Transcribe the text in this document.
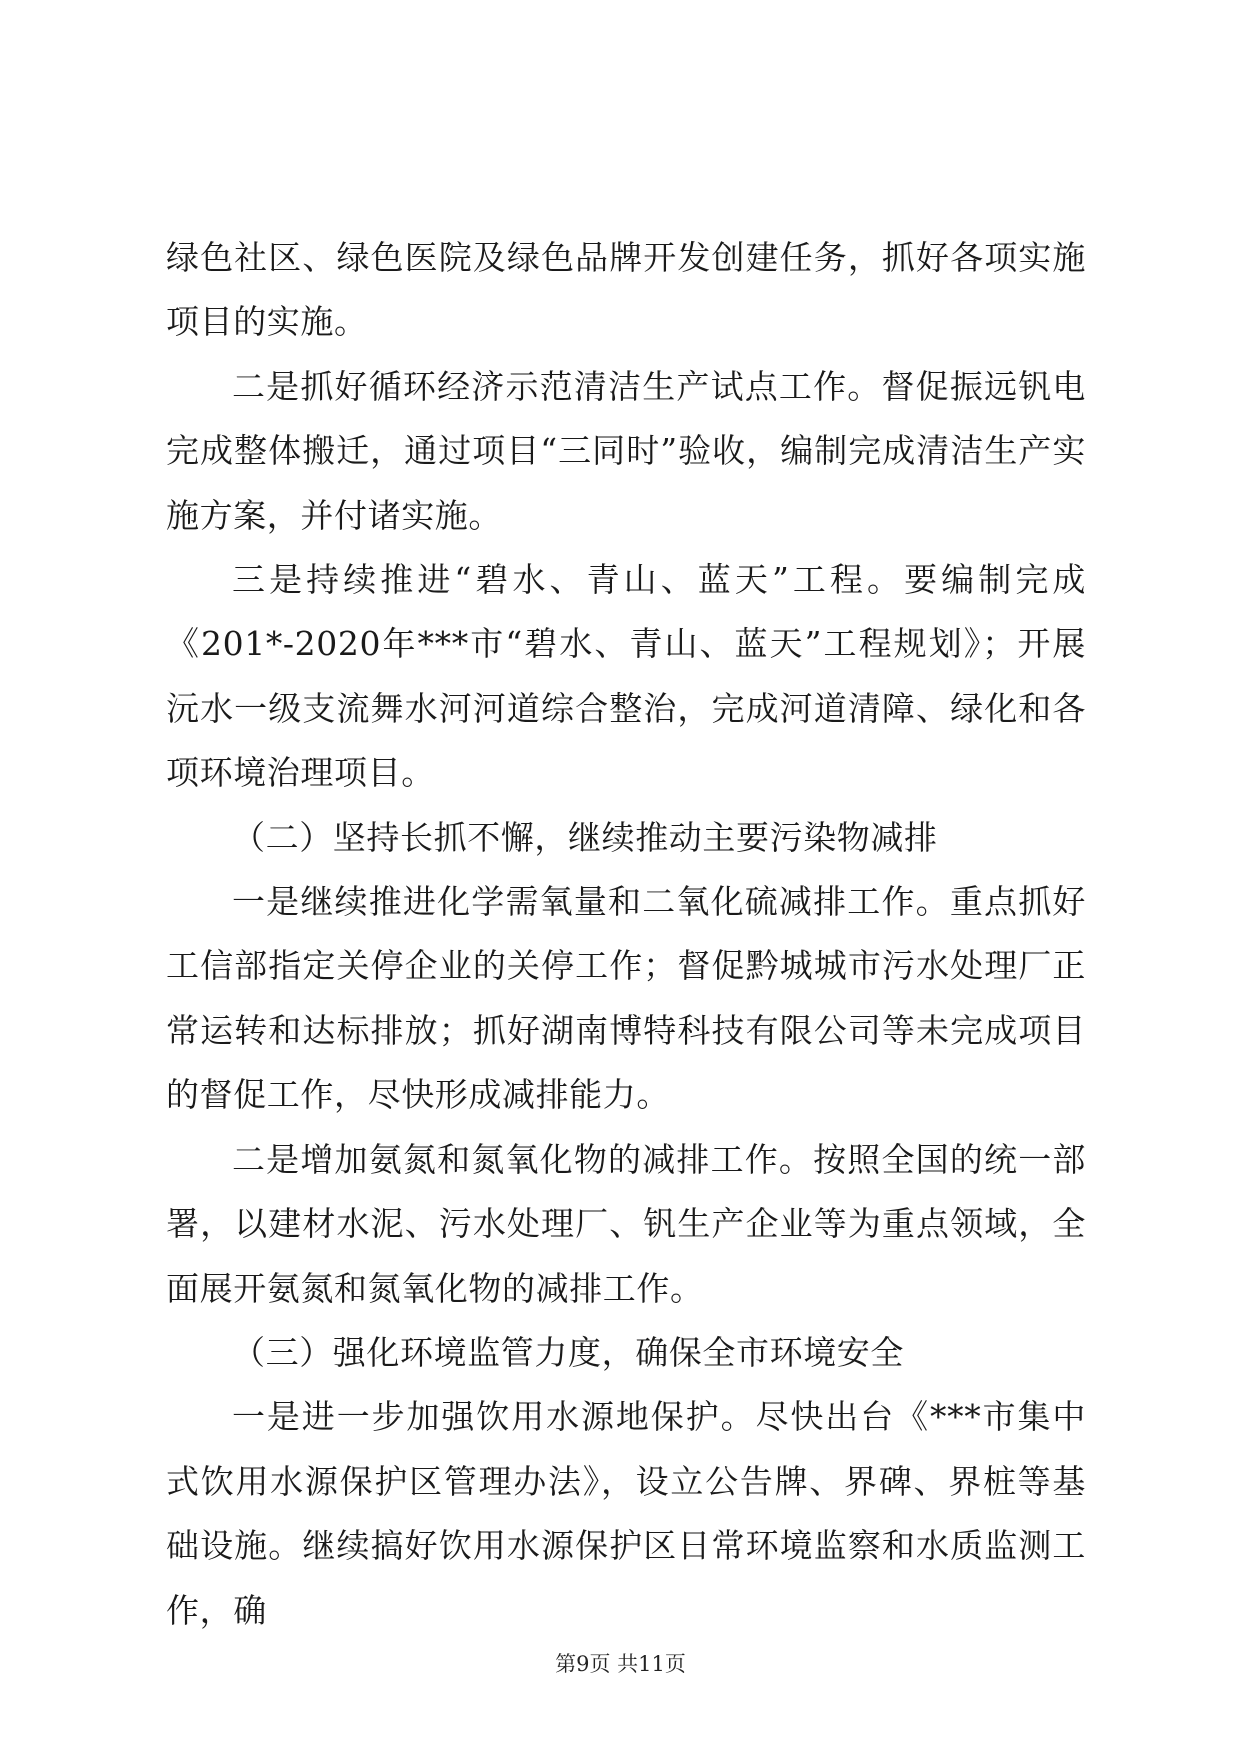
绿色社区、绿色医院及绿色品牌开发创建任务，抓好各项实施项目的实施。

二是抓好循环经济示范清洁生产试点工作。督促振远钒电完成整体搬迁，通过项目“三同时”验收，编制完成清洁生产实施方案，并付诸实施。

三是持续推进“碧水、青山、蓝天”工程。要编制完成《201*-2020年***市“碧水、青山、蓝天”工程规划》；开展沅水一级支流舞水河河道综合整治，完成河道清障、绿化和各项环境治理项目。

（二）坚持长抓不懈，继续推动主要污染物减排

一是继续推进化学需氧量和二氧化硫减排工作。重点抓好工信部指定关停企业的关停工作；督促黔城城市污水处理厂正常运转和达标排放；抓好湖南博特科技有限公司等未完成项目的督促工作，尽快形成减排能力。

二是增加氨氮和氮氧化物的减排工作。按照全国的统一部署，以建材水泥、污水处理厂、钒生产企业等为重点领域，全面展开氨氮和氮氧化物的减排工作。

（三）强化环境监管力度，确保全市环境安全

一是进一步加强饮用水源地保护。尽快出台《***市集中式饮用水源保护区管理办法》，设立公告牌、界碑、界桩等基础设施。继续搞好饮用水源保护区日常环境监察和水质监测工作，确

第9页 共11页
